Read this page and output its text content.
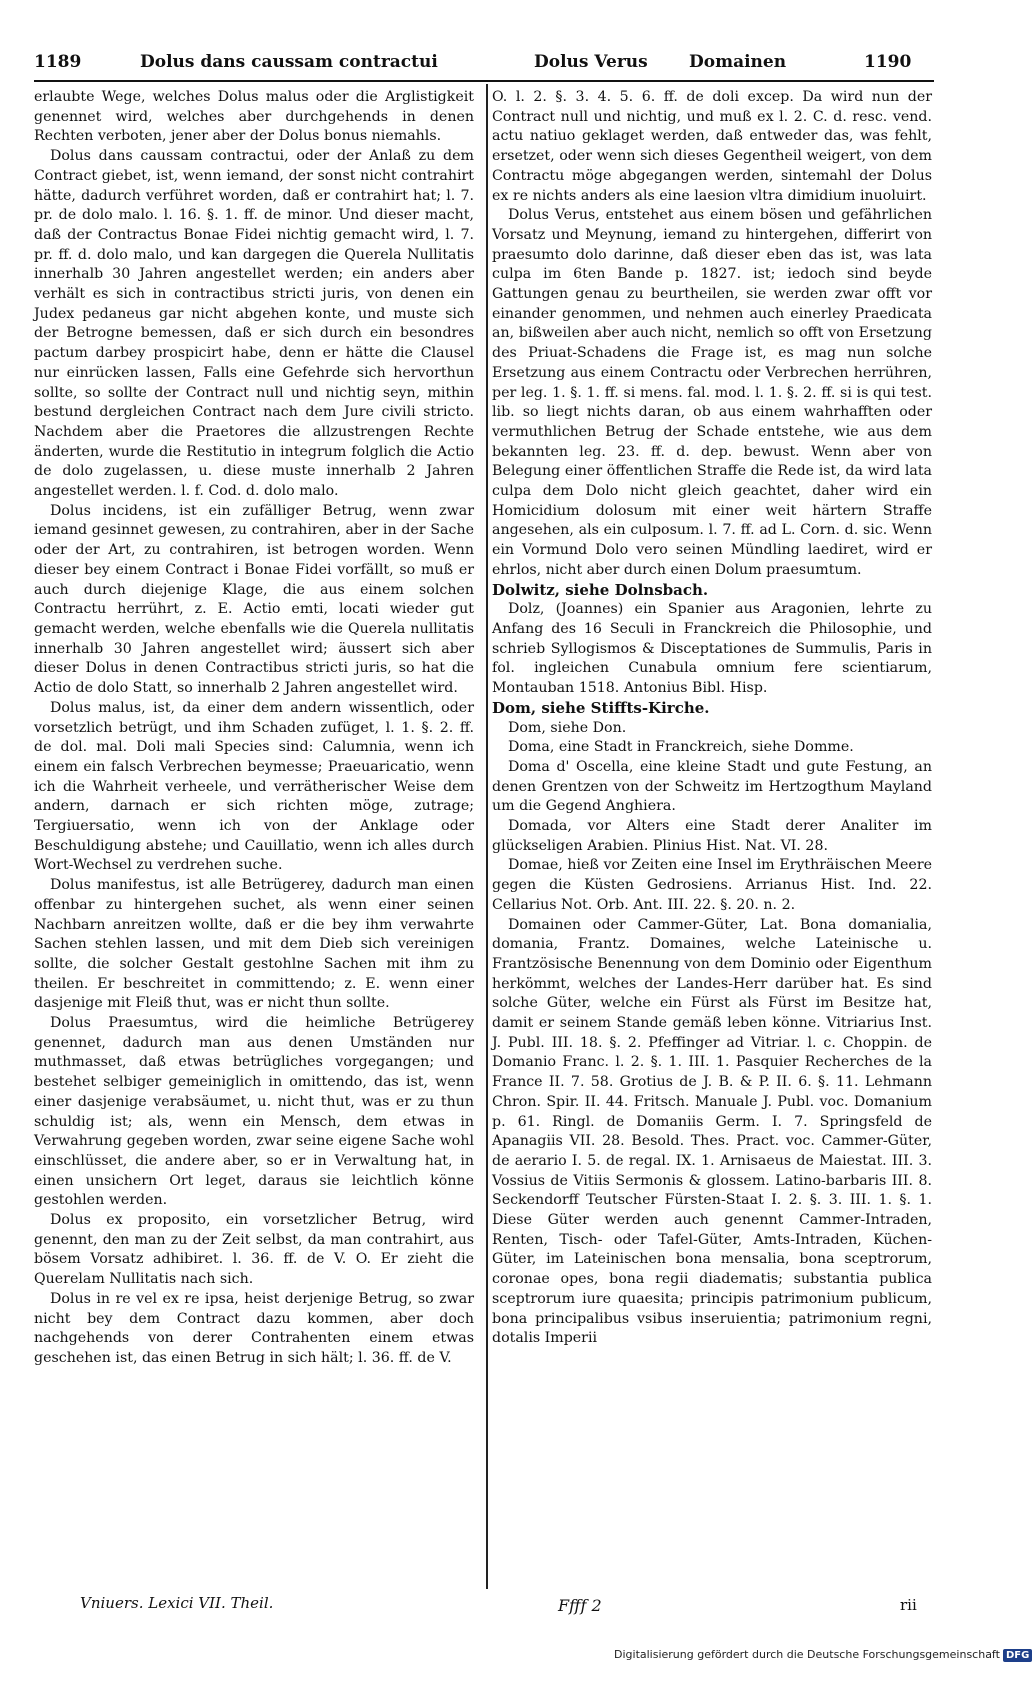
1189	Dolus dans caussam contractui	Dolus Verus Domainen	1190

erlaubte Wege, welches Dolus malus oder die Arglistigkeit genennet wird, welches aber durchgehends in denen Rechten verboten, jener aber der Dolus bonus niemahls.

Dolus dans caussam contractui, oder der Anlaß zu dem Contract giebet, ist, wenn iemand, der sonst nicht contrahirt hätte, dadurch verführet worden, daß er contrahirt hat; l. 7. pr. de dolo malo. l. 16. §. 1. ff. de minor. Und dieser macht, daß der Contractus Bonae Fidei nichtig gemacht wird, l. 7. pr. ff. d. dolo malo, und kan dargegen die Querela Nullitatis innerhalb 30 Jahren angestellet werden; ein anders aber verhält es sich in contractibus stricti juris, von denen ein Judex pedaneus gar nicht abgehen konte, und muste sich der Betrogne bemessen, daß er sich durch ein besondres pactum darbey prospicirt habe, denn er hätte die Clausel nur einrücken lassen, Falls eine Gefehrde sich hervorthun sollte, so sollte der Contract null und nichtig seyn, mithin bestund dergleichen Contract nach dem Jure civili stricto. Nachdem aber die Praetores die allzustrengen Rechte änderten, wurde die Restitutio in integrum folglich die Actio de dolo zugelassen, u. diese muste innerhalb 2 Jahren angestellet werden. l. f. Cod. d. dolo malo.

Dolus incidens, ist ein zufälliger Betrug, wenn zwar iemand gesinnet gewesen, zu contrahiren, aber in der Sache oder der Art, zu contrahiren, ist betrogen worden. Wenn dieser bey einem Contract i Bonae Fidei vorfällt, so muß er auch durch diejenige Klage, die aus einem solchen Contractu herrührt, z. E. Actio emti, locati wieder gut gemacht werden, welche ebenfalls wie die Querela nullitatis innerhalb 30 Jahren angestellet wird; äussert sich aber dieser Dolus in denen Contractibus stricti juris, so hat die Actio de dolo Statt, so innerhalb 2 Jahren angestellet wird.

Dolus malus, ist, da einer dem andern wissentlich, oder vorsetzlich betrügt, und ihm Schaden zufüget, l. 1. §. 2. ff. de dol. mal. Doli mali Species sind: Calumnia, wenn ich einem ein falsch Verbrechen beymesse; Praeuaricatio, wenn ich die Wahrheit verheele, und verrätherischer Weise dem andern, darnach er sich richten möge, zutrage; Tergiuersatio, wenn ich von der Anklage oder Beschuldigung abstehe; und Cauillatio, wenn ich alles durch Wort-Wechsel zu verdrehen suche.

Dolus manifestus, ist alle Betrügerey, dadurch man einen offenbar zu hintergehen suchet, als wenn einer seinen Nachbarn anreitzen wollte, daß er die bey ihm verwahrte Sachen stehlen lassen, und mit dem Dieb sich vereinigen sollte, die solcher Gestalt gestohlne Sachen mit ihm zu theilen. Er beschreitet in committendo; z. E. wenn einer dasjenige mit Fleiß thut, was er nicht thun sollte.

Dolus Praesumtus, wird die heimliche Betrügerey genennet, dadurch man aus denen Umständen nur muthmasset, daß etwas betrügliches vorgegangen; und bestehet selbiger gemeiniglich in omittendo, das ist, wenn einer dasjenige verabsäumet, u. nicht thut, was er zu thun schuldig ist; als, wenn ein Mensch, dem etwas in Verwahrung gegeben worden, zwar seine eigene Sache wohl einschlüsset, die andere aber, so er in Verwaltung hat, in einen unsichern Ort leget, daraus sie leichtlich könne gestohlen werden.

Dolus ex proposito, ein vorsetzlicher Betrug, wird genennt, den man zu der Zeit selbst, da man contrahirt, aus bösem Vorsatz adhibiret. l. 36. ff. de V. O. Er zieht die Querelam Nullitatis nach sich.

Dolus in re vel ex re ipsa, heist derjenige Betrug, so zwar nicht bey dem Contract dazu kommen, aber doch nachgehends von derer Contrahenten einem etwas geschehen ist, das einen Betrug in sich hält; l. 36. ff. de V.

O. l. 2. §. 3. 4. 5. 6. ff. de doli excep. Da wird nun der Contract null und nichtig, und muß ex l. 2. C. d. resc. vend. actu natiuo geklaget werden, daß entweder das, was fehlt, ersetzet, oder wenn sich dieses Gegentheil weigert, von dem Contractu möge abgegangen werden, sintemahl der Dolus ex re nichts anders als eine laesion vltra dimidium inuoluirt.

Dolus Verus, entstehet aus einem bösen und gefährlichen Vorsatz und Meynung, iemand zu hintergehen, differirt von praesumto dolo darinne, daß dieser eben das ist, was lata culpa im 6ten Bande p. 1827. ist; iedoch sind beyde Gattungen genau zu beurtheilen, sie werden zwar offt vor einander genommen, und nehmen auch einerley Praedicata an, bißweilen aber auch nicht, nemlich so offt von Ersetzung des Priuat-Schadens die Frage ist, es mag nun solche Ersetzung aus einem Contractu oder Verbrechen herrühren, per leg. 1. §. 1. ff. si mens. fal. mod. l. 1. §. 2. ff. si is qui test. lib. so liegt nichts daran, ob aus einem wahrhafften oder vermuthlichen Betrug der Schade entstehe, wie aus dem bekannten leg. 23. ff. d. dep. bewust. Wenn aber von Belegung einer öffentlichen Straffe die Rede ist, da wird lata culpa dem Dolo nicht gleich geachtet, daher wird ein Homicidium dolosum mit einer weit härtern Straffe angesehen, als ein culposum. l. 7. ff. ad L. Corn. d. sic. Wenn ein Vormund Dolo vero seinen Mündling laediret, wird er ehrlos, nicht aber durch einen Dolum praesumtum.

Dolwitz, siehe Dolnsbach.

Dolz, (Joannes) ein Spanier aus Aragonien, lehrte zu Anfang des 16 Seculi in Franckreich die Philosophie, und schrieb Syllogismos & Disceptationes de Summulis, Paris in fol. ingleichen Cunabula omnium fere scientiarum, Montauban 1518. Antonius Bibl. Hisp.

Dom, siehe Stiffts-Kirche.

Dom, siehe Don.

Doma, eine Stadt in Franckreich, siehe Domme.

Doma d' Oscella, eine kleine Stadt und gute Festung, an denen Grentzen von der Schweitz im Hertzogthum Mayland um die Gegend Anghiera.

Domada, vor Alters eine Stadt derer Analiter im glückseligen Arabien. Plinius Hist. Nat. VI. 28.

Domae, hieß vor Zeiten eine Insel im Erythräischen Meere gegen die Küsten Gedrosiens. Arrianus Hist. Ind. 22. Cellarius Not. Orb. Ant. III. 22. §. 20. n. 2.

Domainen oder Cammer-Güter, Lat. Bona domanialia, domania, Frantz. Domaines, welche Lateinische u. Frantzösische Benennung von dem Dominio oder Eigenthum herkömmt, welches der Landes-Herr darüber hat. Es sind solche Güter, welche ein Fürst als Fürst im Besitze hat, damit er seinem Stande gemäß leben könne. Vitriarius Inst. J. Publ. III. 18. §. 2. Pfeffinger ad Vitriar. l. c. Choppin. de Domanio Franc. l. 2. §. 1. III. 1. Pasquier Recherches de la France II. 7. 58. Grotius de J. B. & P. II. 6. §. 11. Lehmann Chron. Spir. II. 44. Fritsch. Manuale J. Publ. voc. Domanium p. 61. Ringl. de Domaniis Germ. I. 7. Springsfeld de Apanagiis VII. 28. Besold. Thes. Pract. voc. Cammer-Güter, de aerario I. 5. de regal. IX. 1. Arnisaeus de Maiestat. III. 3. Vossius de Vitiis Sermonis & glossem. Latino-barbaris III. 8. Seckendorff Teutscher Fürsten-Staat I. 2. §. 3. III. 1. §. 1. Diese Güter werden auch genennt Cammer-Intraden, Renten, Tisch- oder Tafel-Güter, Amts-Intraden, Küchen-Güter, im Lateinischen bona mensalia, bona sceptrorum, coronae opes, bona regii diadematis; substantia publica sceptrorum iure quaesita; principis patrimonium publicum, bona principalibus vsibus inseruientia; patrimonium regni, dotalis Imperii

Vniuers. Lexici VII. Theil.	Ffff 2	rii
Digitalisierung gefördert durch die Deutsche Forschungsgemeinschaft DFG
